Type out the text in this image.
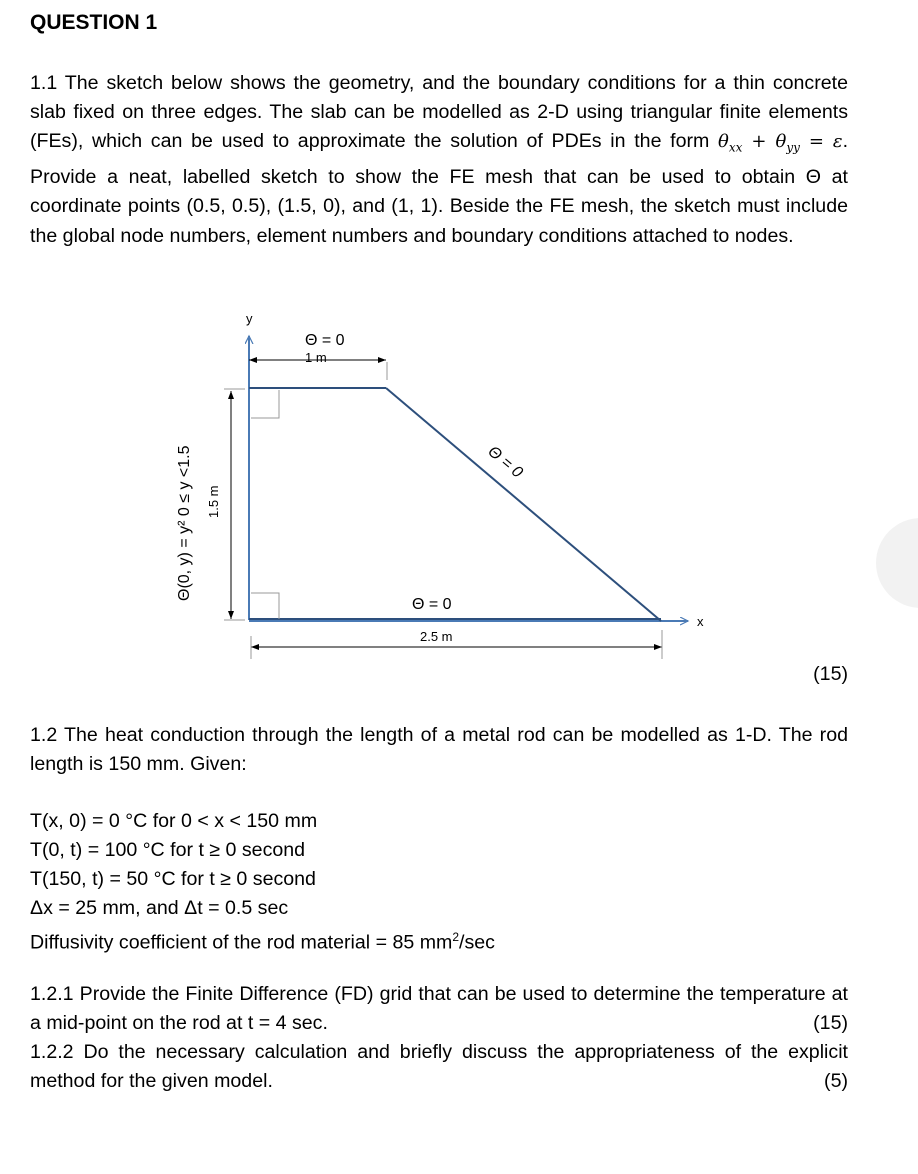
QUESTION 1

1.1 The sketch below shows the geometry, and the boundary conditions for a thin concrete slab fixed on three edges. The slab can be modelled as 2-D using triangular finite elements (FEs), which can be used to approximate the solution of PDEs in the form $\theta_{xx} + \theta_{yy} = \varepsilon$. Provide a neat, labelled sketch to show the FE mesh that can be used to obtain Θ at coordinate points (0.5, 0.5), (1.5, 0), and (1, 1). Beside the FE mesh, the sketch must include the global node numbers, element numbers and boundary conditions attached to nodes.

y
x
Θ = 0
1 m
Θ = 0
Θ = 0
2.5 m
1.5 m
Θ(0, y) = y² 0 ≤ y <1.5
(15)

1.2 The heat conduction through the length of a metal rod can be modelled as 1-D. The rod length is 150 mm. Given:

T(x, 0) = 0 °C for 0 < x < 150 mm
T(0, t) = 100 °C for t ≥ 0 second
T(150, t) = 50 °C for t ≥ 0 second
Δx = 25 mm, and Δt = 0.5 sec
Diffusivity coefficient of the rod material = 85 $mm^2/\sec$

1.2.1 Provide the Finite Difference (FD) grid that can be used to determine the temperature at a mid-point on the rod at t = 4 sec.	(15)

1.2.2 Do the necessary calculation and briefly discuss the appropriateness of the explicit method for the given model.	(5)
